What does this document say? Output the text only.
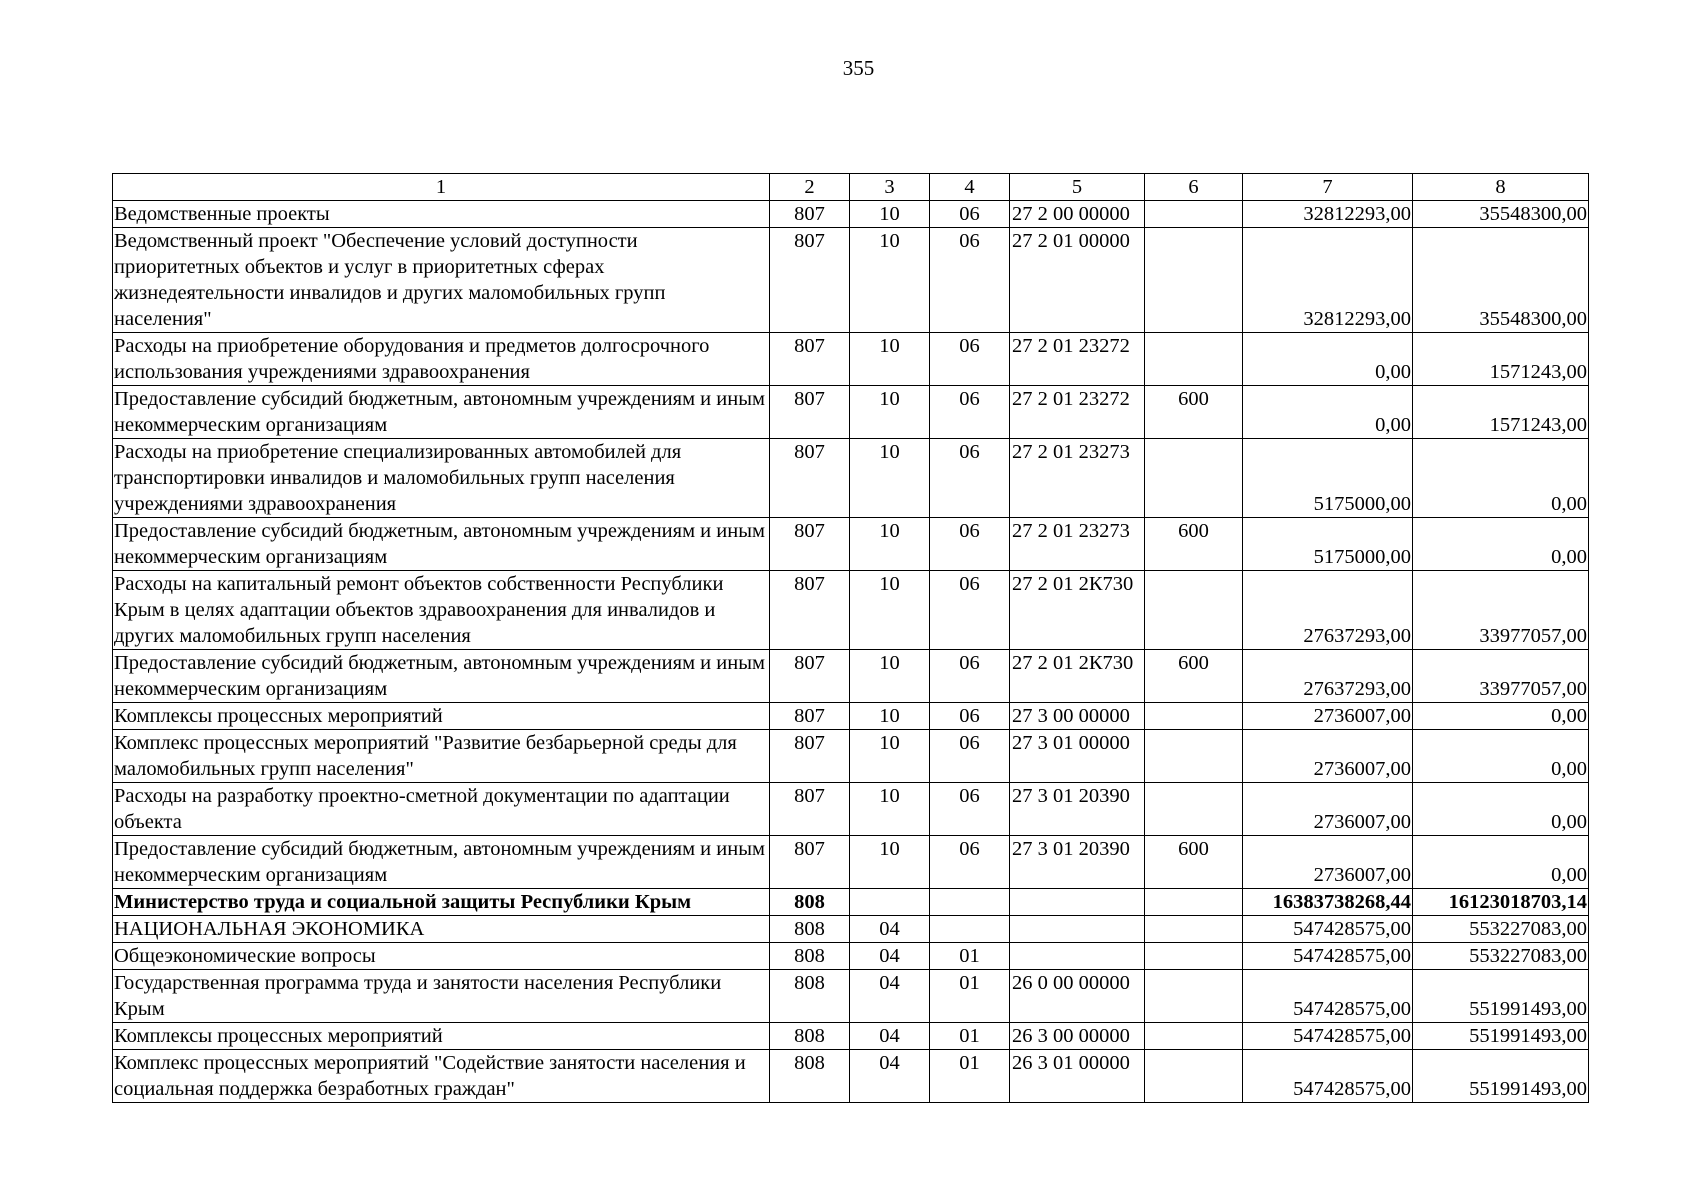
355
1	2	3	4	5	6	7	8
Ведомственные проекты	807	10	06	27 2 00 00000		32812293,00	35548300,00
Ведомственный проект "Обеспечение условий доступности приоритетных объектов и услуг в приоритетных сферах жизнедеятельности инвалидов и других маломобильных групп населения"	807	10	06	27 2 01 00000		32812293,00	35548300,00
Расходы на приобретение оборудования и предметов долгосрочного использования учреждениями здравоохранения	807	10	06	27 2 01 23272		0,00	1571243,00
Предоставление субсидий бюджетным, автономным учреждениям и иным некоммерческим организациям	807	10	06	27 2 01 23272	600	0,00	1571243,00
Расходы на приобретение специализированных автомобилей для транспортировки инвалидов и маломобильных групп населения учреждениями здравоохранения	807	10	06	27 2 01 23273		5175000,00	0,00
Предоставление субсидий бюджетным, автономным учреждениям и иным некоммерческим организациям	807	10	06	27 2 01 23273	600	5175000,00	0,00
Расходы на капитальный ремонт объектов собственности Республики Крым в целях адаптации объектов здравоохранения для инвалидов и других маломобильных групп населения	807	10	06	27 2 01 2К730		27637293,00	33977057,00
Предоставление субсидий бюджетным, автономным учреждениям и иным некоммерческим организациям	807	10	06	27 2 01 2К730	600	27637293,00	33977057,00
Комплексы процессных мероприятий	807	10	06	27 3 00 00000		2736007,00	0,00
Комплекс процессных мероприятий "Развитие безбарьерной среды для маломобильных групп населения"	807	10	06	27 3 01 00000		2736007,00	0,00
Расходы на разработку проектно-сметной документации по адаптации объекта	807	10	06	27 3 01 20390		2736007,00	0,00
Предоставление субсидий бюджетным, автономным учреждениям и иным некоммерческим организациям	807	10	06	27 3 01 20390	600	2736007,00	0,00
Министерство труда и социальной защиты Республики Крым	808					16383738268,44	16123018703,14
НАЦИОНАЛЬНАЯ ЭКОНОМИКА	808	04				547428575,00	553227083,00
Общеэкономические вопросы	808	04	01			547428575,00	553227083,00
Государственная программа труда и занятости населения Республики Крым	808	04	01	26 0 00 00000		547428575,00	551991493,00
Комплексы процессных мероприятий	808	04	01	26 3 00 00000		547428575,00	551991493,00
Комплекс процессных мероприятий "Содействие занятости населения и социальная поддержка безработных граждан"	808	04	01	26 3 01 00000		547428575,00	551991493,00
